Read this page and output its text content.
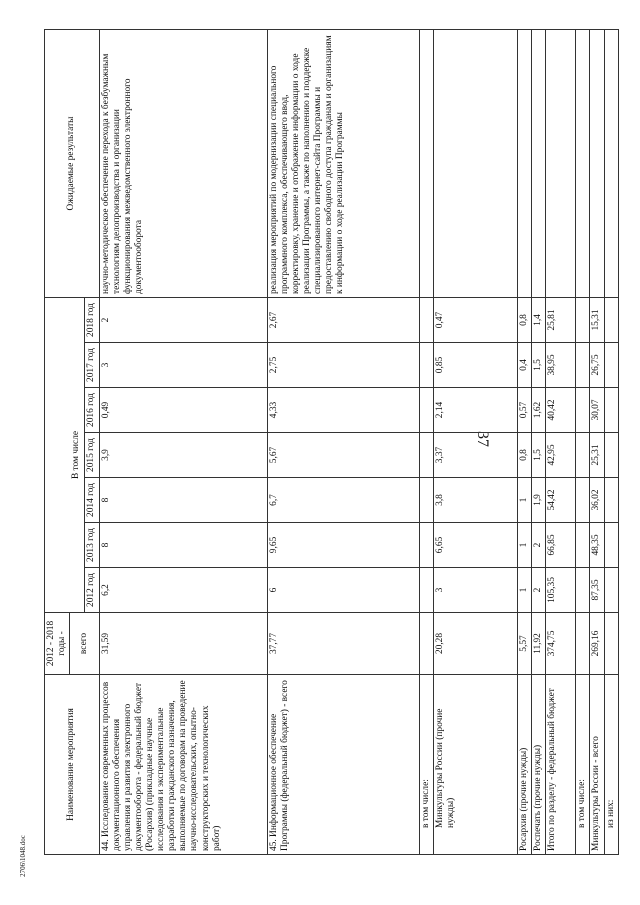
37
2706\1048.doc
Наименование мероприятия	2012 - 2018 годы -								Ожидаемые результаты
	всего	В том числе							
		2012 год	2013 год	2014 год	2015 год	2016 год	2017 год	2018 год	
44. Исследование современных процессов документационного обеспечения управления и развития электронного документооборота - федеральный бюджет (Росархив) (прикладные научные исследования и экспериментальные разработки гражданского назначения, выполняемые по договорам на проведение научно-исследовательских, опытно-конструкторских и технологических работ)	31,59	6,2	8	8	3,9	0,49	3	2	научно-методическое обеспечение перехода к безбумажным технологиям делопроизводства и организации функционирования межведомственного электронного документооборота
45. Информационное обеспечение Программы (федеральный бюджет) - всего	37,77	6	9,65	6,7	5,67	4,33	2,75	2,67	реализация мероприятий по модернизации специального программного комплекса, обеспечивающего ввод, корректировку, хранение и отображение информации о ходе реализации Программы, а также по наполнению и поддержке специализированного интернет-сайта Программы и предоставлению свободного доступа гражданам и организациям к информации о ходе реализации Программы
в том числе:									
Минкультуры России (прочие нужды)	20,28	3	6,65	3,8	3,37	2,14	0,85	0,47	
Росархив (прочие нужды)	5,57	1	1	1	0,8	0,57	0,4	0,8	
Роспечать (прочие нужды)	11,92	2	2	1,9	1,5	1,62	1,5	1,4	
Итого по разделу - федеральный бюджет	374,75	105,35	66,85	54,42	42,95	40,42	38,95	25,81	
в том числе:									
Минкультуры России - всего	269,16	87,35	48,35	36,02	25,31	30,07	26,75	15,31	
из них:									
